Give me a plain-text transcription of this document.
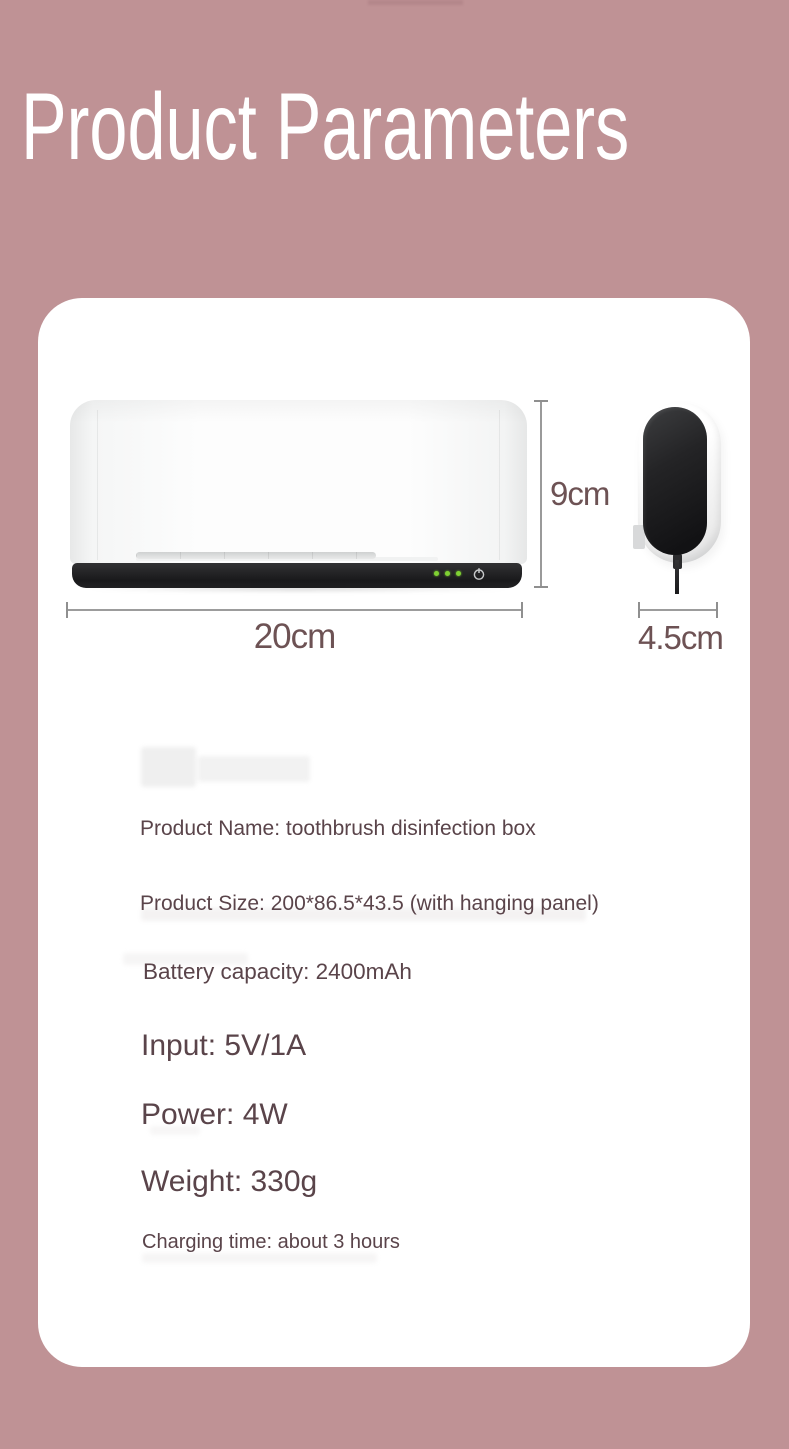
Product Parameters
9cm
20cm	4.5cm
Product Name: toothbrush disinfection box
Product Size: 200*86.5*43.5 (with hanging panel)
Battery capacity: 2400mAh
Input: 5V/1A
Power: 4W
Weight: 330g
Charging time: about 3 hours
